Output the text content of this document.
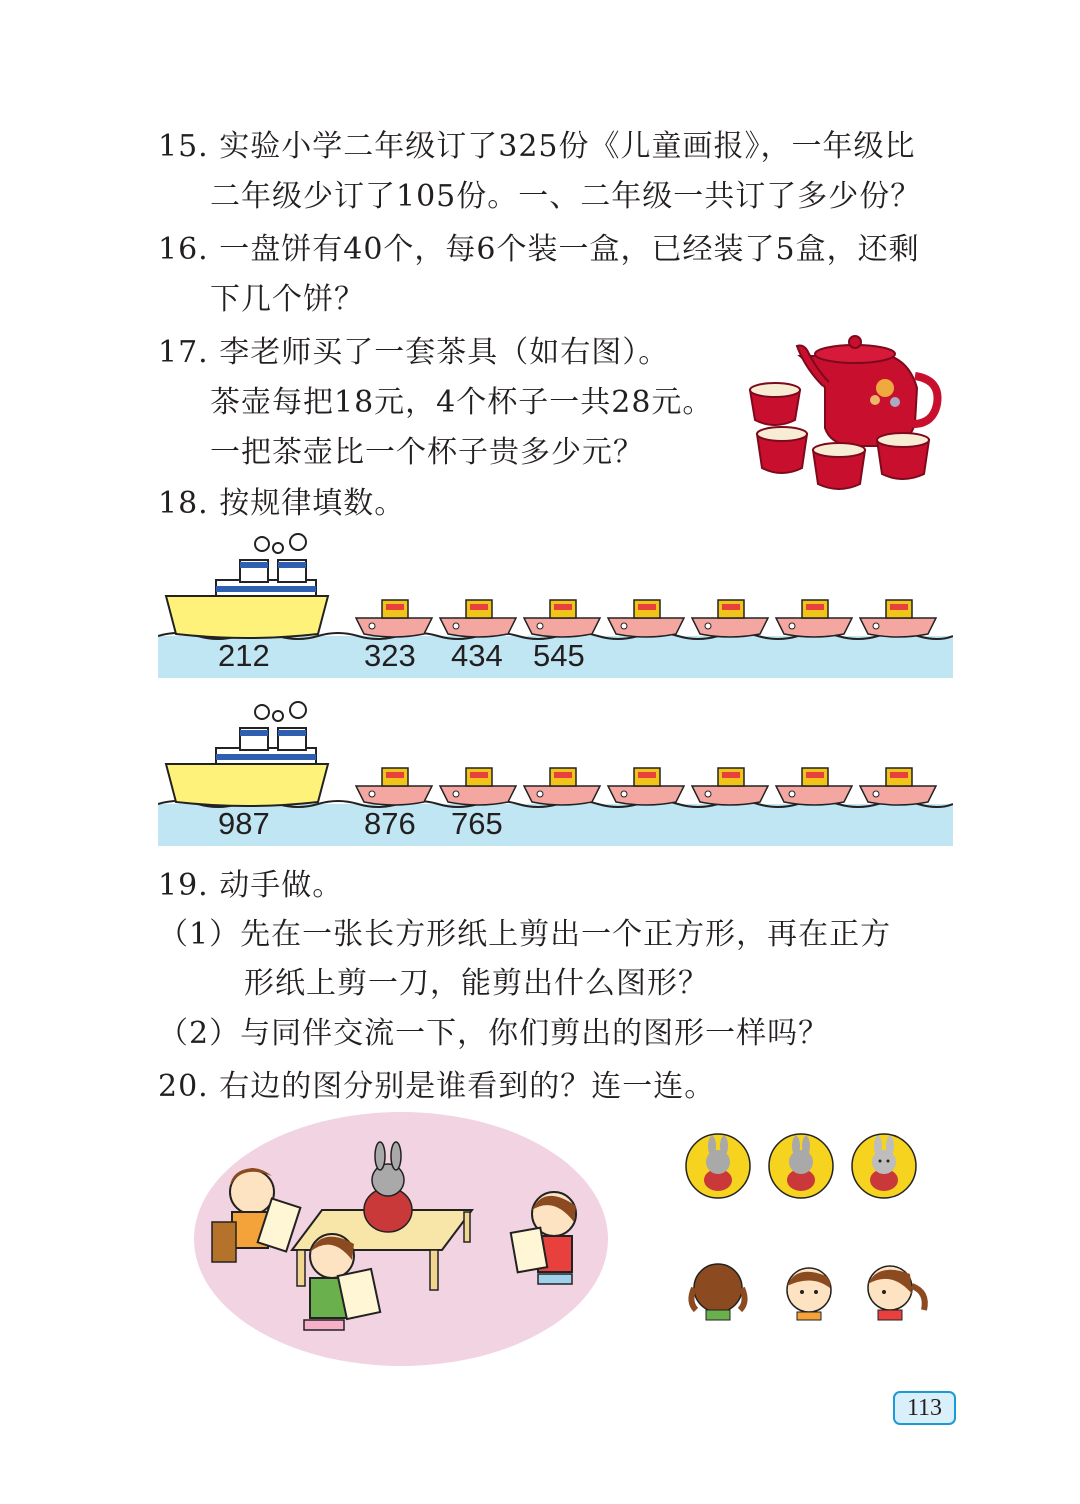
15. 实验小学二年级订了325份《儿童画报》，一年级比
二年级少订了105份。一、二年级一共订了多少份？
16. 一盘饼有40个，每6个装一盒，已经装了5盒，还剩
下几个饼？
17. 李老师买了一套茶具（如右图）。
茶壶每把18元，4个杯子一共28元。
一把茶壶比一个杯子贵多少元？
18. 按规律填数。
212	323 434 545
987	876 765
19. 动手做。
（1）先在一张长方形纸上剪出一个正方形，再在正方
形纸上剪一刀，能剪出什么图形？
（2）与同伴交流一下，你们剪出的图形一样吗？
20. 右边的图分别是谁看到的？连一连。
113
